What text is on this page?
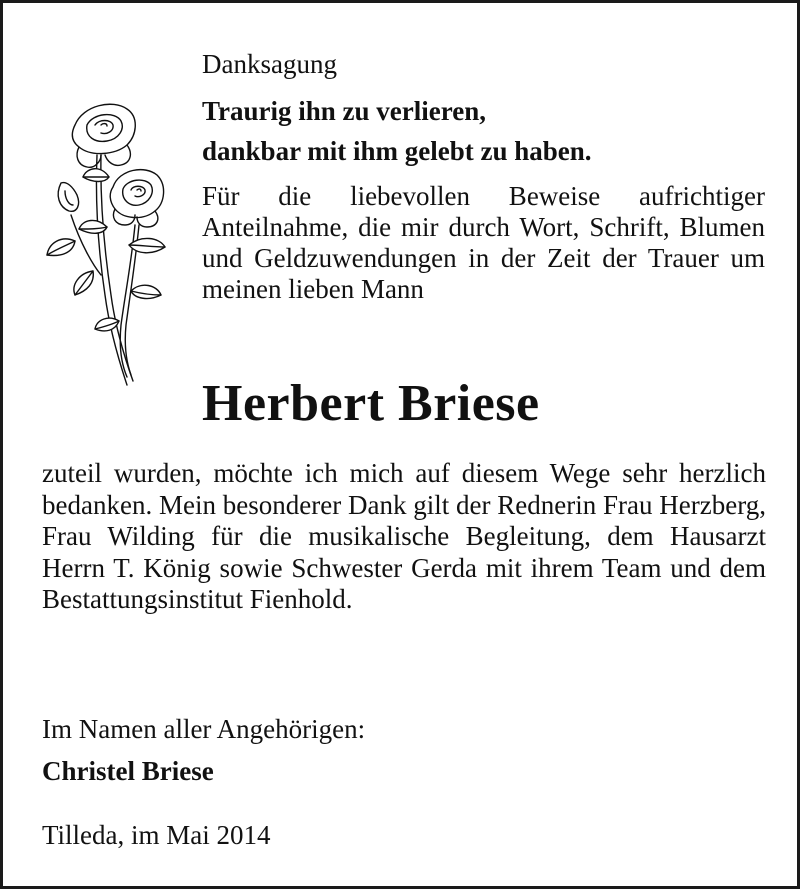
Danksagung

Traurig ihn zu verlieren,
dankbar mit ihm gelebt zu haben.

Für die liebevollen Beweise aufrichtiger Anteilnahme, die mir durch Wort, Schrift, Blumen und Geldzuwendungen in der Zeit der Trauer um meinen lieben Mann

Herbert Briese

zuteil wurden, möchte ich mich auf diesem Wege sehr herzlich bedanken. Mein besonderer Dank gilt der Rednerin Frau Herzberg, Frau Wilding für die musikalische Begleitung, dem Hausarzt Herrn T. König sowie Schwester Gerda mit ihrem Team und dem Bestattungsinstitut Fienhold.

Im Namen aller Angehörigen:

Christel Briese

Tilleda, im Mai 2014
